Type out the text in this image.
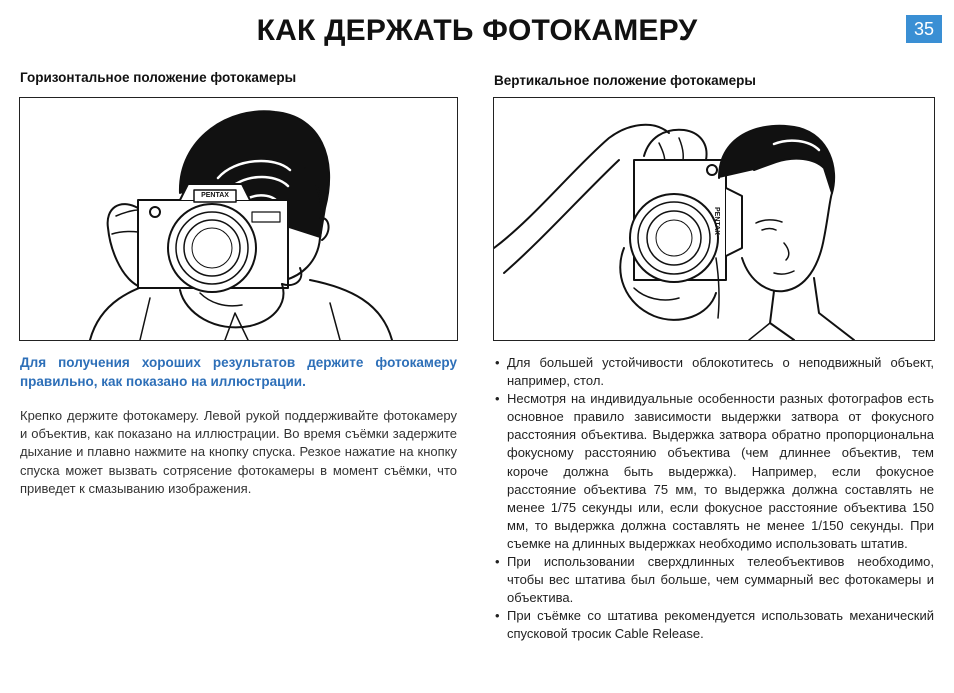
КАК ДЕРЖАТЬ ФОТОКАМЕРУ	35
Горизонтальное положение фотокамеры	Вертикальное положение фотокамеры
PENTAX
PENTAX
Для получения хороших результатов держите фотокамеру правильно, как показано на иллюстрации.
Крепко держите фотокамеру. Левой рукой поддерживайте фотокамеру и объектив, как показано на иллюстрации. Во время съёмки задержите дыхание и плавно нажмите на кнопку спуска. Резкое нажатие на кнопку спуска может вызвать сотрясение фотокамеры в момент съёмки, что приведет к смазыванию изображения.
• Для большей устойчивости облокотитесь о неподвижный объект, например, стол.
• Несмотря на индивидуальные особенности разных фотографов есть основное правило зависимости выдержки затвора от фокусного расстояния объектива. Выдержка затвора обратно пропорциональна фокусному расстоянию объектива (чем длиннее объектив, тем короче должна быть выдержка). Например, если фокусное расстояние объектива 75 мм, то выдержка должна составлять не менее 1/75 секунды или, если фокусное расстояние объектива 150 мм, то выдержка должна составлять не менее 1/150 секунды. При съемке на длинных выдержках необходимо использовать штатив.
• При использовании сверхдлинных телеобъективов необходимо, чтобы вес штатива был больше, чем суммарный вес фотокамеры и объектива.
• При съёмке со штатива рекомендуется использовать механический спусковой тросик Cable Release.
